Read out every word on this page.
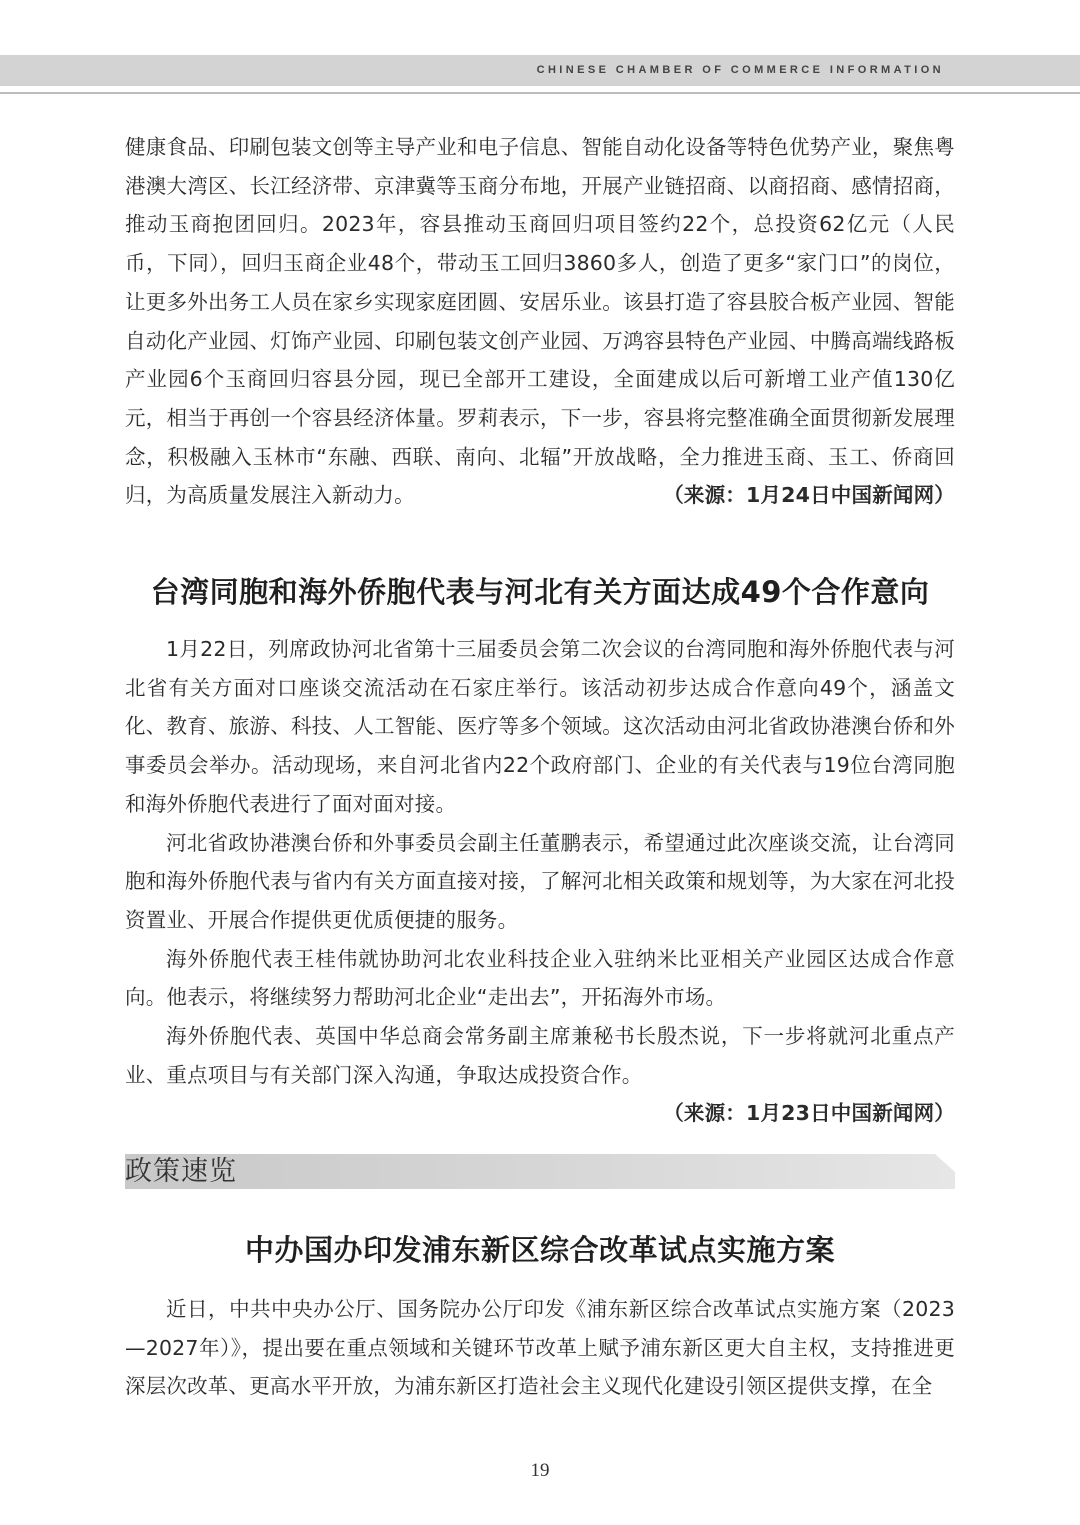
CHINESE CHAMBER OF COMMERCE INFORMATION

健康食品、印刷包装文创等主导产业和电子信息、智能自动化设备等特色优势产业，聚焦粤港澳大湾区、长江经济带、京津冀等玉商分布地，开展产业链招商、以商招商、感情招商，推动玉商抱团回归。2023年，容县推动玉商回归项目签约22个，总投资62亿元（人民币，下同），回归玉商企业48个，带动玉工回归3860多人，创造了更多“家门口”的岗位，让更多外出务工人员在家乡实现家庭团圆、安居乐业。该县打造了容县胶合板产业园、智能自动化产业园、灯饰产业园、印刷包装文创产业园、万鸿容县特色产业园、中腾高端线路板产业园6个玉商回归容县分园，现已全部开工建设，全面建成以后可新增工业产值130亿元，相当于再创一个容县经济体量。罗莉表示，下一步，容县将完整准确全面贯彻新发展理念，积极融入玉林市“东融、西联、南向、北辐”开放战略，全力推进玉商、玉工、侨商回归，为高质量发展注入新动力。	（来源：1月24日中国新闻网）

台湾同胞和海外侨胞代表与河北有关方面达成49个合作意向

1月22日，列席政协河北省第十三届委员会第二次会议的台湾同胞和海外侨胞代表与河北省有关方面对口座谈交流活动在石家庄举行。该活动初步达成合作意向49个，涵盖文化、教育、旅游、科技、人工智能、医疗等多个领域。这次活动由河北省政协港澳台侨和外事委员会举办。活动现场，来自河北省内22个政府部门、企业的有关代表与19位台湾同胞和海外侨胞代表进行了面对面对接。

河北省政协港澳台侨和外事委员会副主任董鹏表示，希望通过此次座谈交流，让台湾同胞和海外侨胞代表与省内有关方面直接对接，了解河北相关政策和规划等，为大家在河北投资置业、开展合作提供更优质便捷的服务。

海外侨胞代表王桂伟就协助河北农业科技企业入驻纳米比亚相关产业园区达成合作意向。他表示，将继续努力帮助河北企业“走出去”，开拓海外市场。

海外侨胞代表、英国中华总商会常务副主席兼秘书长殷杰说，下一步将就河北重点产业、重点项目与有关部门深入沟通，争取达成投资合作。
（来源：1月23日中国新闻网）

政策速览
中办国办印发浦东新区综合改革试点实施方案

近日，中共中央办公厅、国务院办公厅印发《浦东新区综合改革试点实施方案（2023—2027年）》，提出要在重点领域和关键环节改革上赋予浦东新区更大自主权，支持推进更深层次改革、更高水平开放，为浦东新区打造社会主义现代化建设引领区提供支撑，在全

19
